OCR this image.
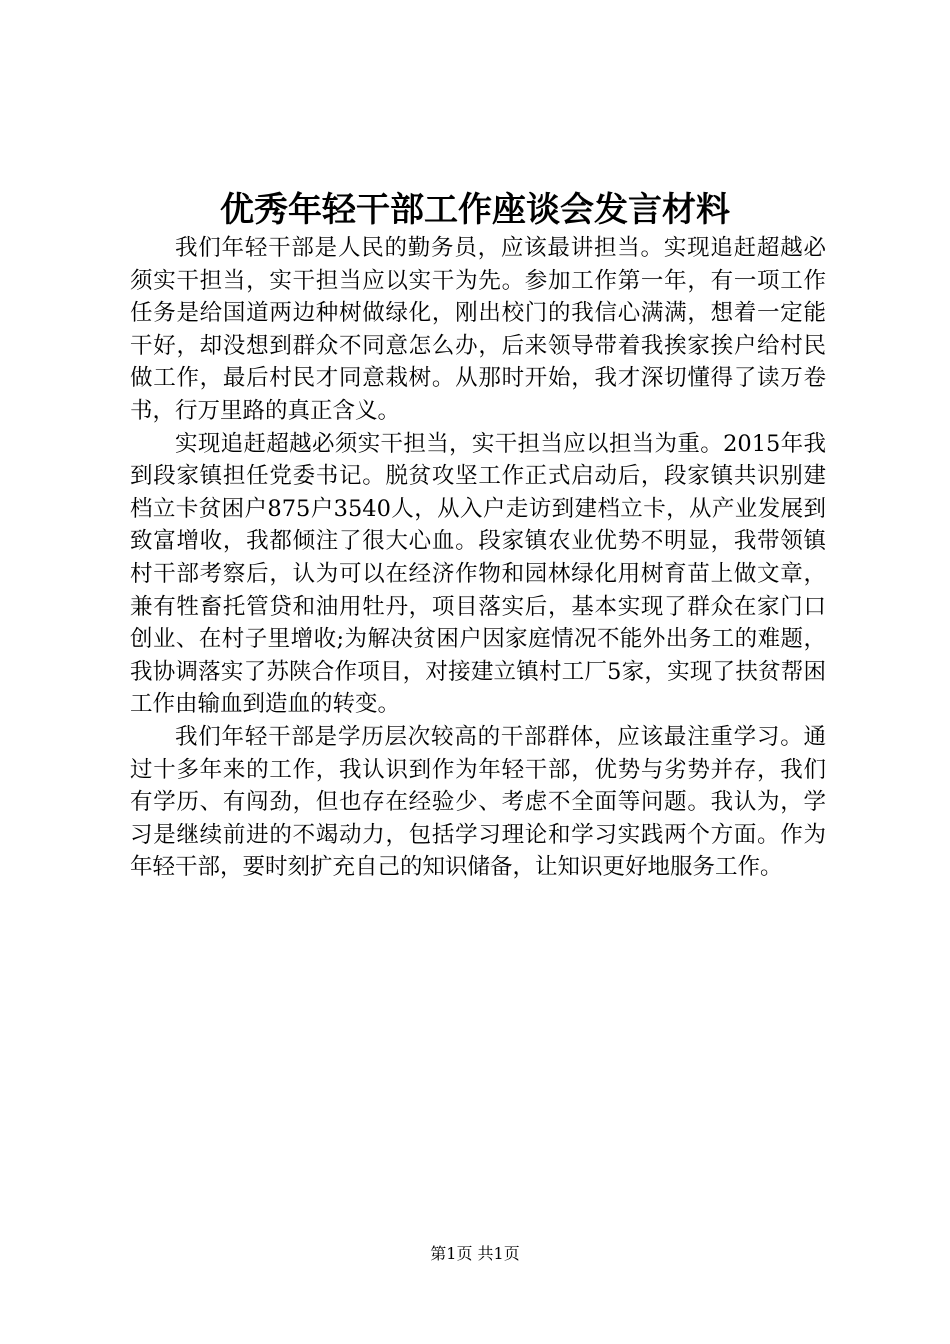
优秀年轻干部工作座谈会发言材料

我们年轻干部是人民的勤务员，应该最讲担当。实现追赶超越必须实干担当，实干担当应以实干为先。参加工作第一年，有一项工作任务是给国道两边种树做绿化，刚出校门的我信心满满，想着一定能干好，却没想到群众不同意怎么办，后来领导带着我挨家挨户给村民做工作，最后村民才同意栽树。从那时开始，我才深切懂得了读万卷书，行万里路的真正含义。

实现追赶超越必须实干担当，实干担当应以担当为重。2015年我到段家镇担任党委书记。脱贫攻坚工作正式启动后，段家镇共识别建档立卡贫困户875户3540人，从入户走访到建档立卡，从产业发展到致富增收，我都倾注了很大心血。段家镇农业优势不明显，我带领镇村干部考察后，认为可以在经济作物和园林绿化用树育苗上做文章，兼有牲畜托管贷和油用牡丹，项目落实后，基本实现了群众在家门口创业、在村子里增收;为解决贫困户因家庭情况不能外出务工的难题，我协调落实了苏陕合作项目，对接建立镇村工厂5家，实现了扶贫帮困工作由输血到造血的转变。

我们年轻干部是学历层次较高的干部群体，应该最注重学习。通过十多年来的工作，我认识到作为年轻干部，优势与劣势并存，我们有学历、有闯劲，但也存在经验少、考虑不全面等问题。我认为，学习是继续前进的不竭动力，包括学习理论和学习实践两个方面。作为年轻干部，要时刻扩充自己的知识储备，让知识更好地服务工作。

第1页 共1页
